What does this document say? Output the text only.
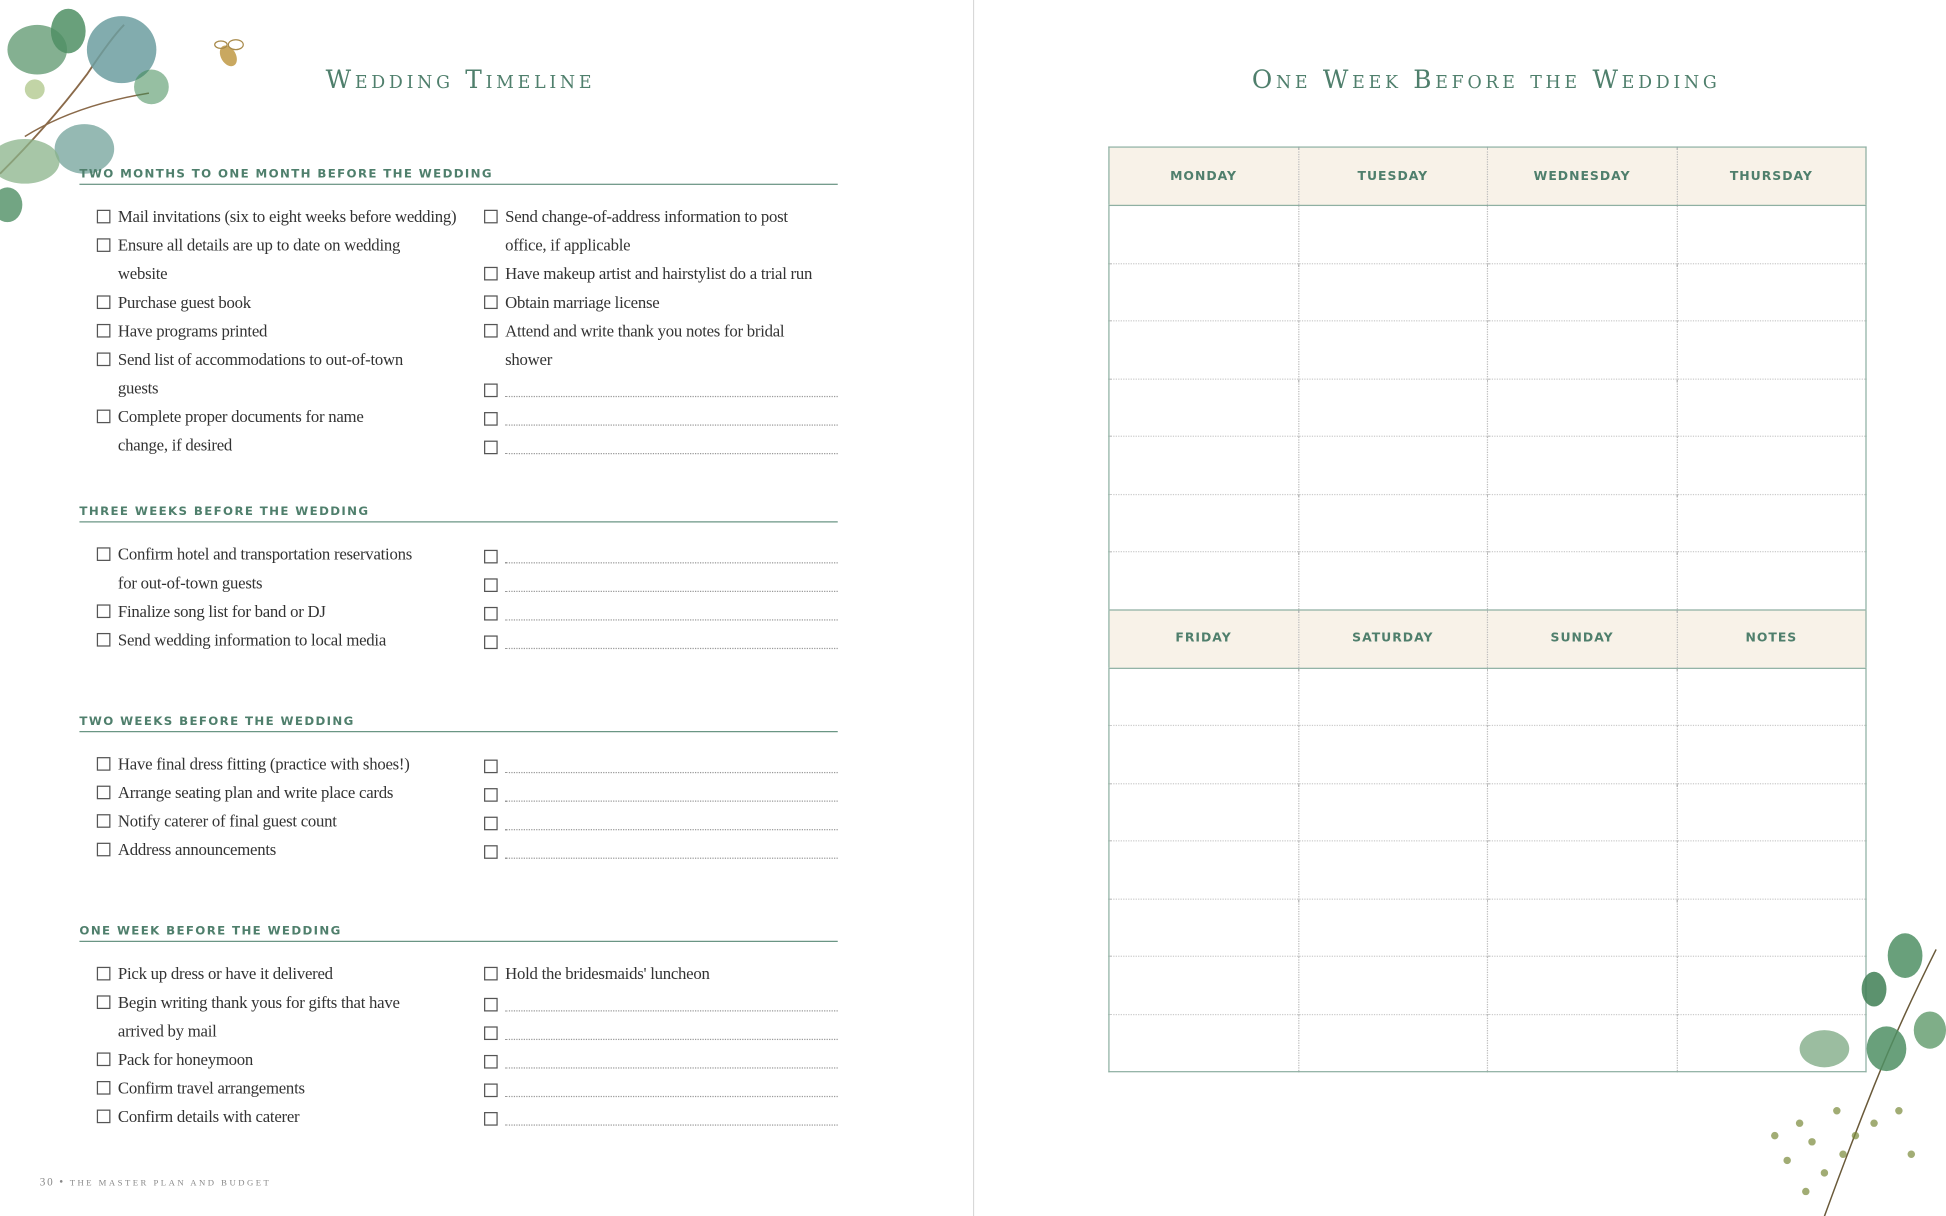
Wedding Timeline
TWO MONTHS TO ONE MONTH BEFORE THE WEDDING
Mail invitations (six to eight weeks before wedding)
Ensure all details are up to date on wedding
website
Purchase guest book
Have programs printed
Send list of accommodations to out-of-town
guests
Complete proper documents for name
change, if desired
Send change-of-address information to post
office, if applicable
Have makeup artist and hairstylist do a trial run
Obtain marriage license
Attend and write thank you notes for bridal
shower
THREE WEEKS BEFORE THE WEDDING
Confirm hotel and transportation reservations
for out-of-town guests
Finalize song list for band or DJ
Send wedding information to local media
TWO WEEKS BEFORE THE WEDDING
Have final dress fitting (practice with shoes!)
Arrange seating plan and write place cards
Notify caterer of final guest count
Address announcements
ONE WEEK BEFORE THE WEDDING
Pick up dress or have it delivered
Begin writing thank yous for gifts that have
arrived by mail
Pack for honeymoon
Confirm travel arrangements
Confirm details with caterer
Hold the bridesmaids' luncheon
30 • THE MASTER PLAN AND BUDGET
One Week Before the Wedding
MONDAY	TUESDAY	WEDNESDAY	THURSDAY

FRIDAY	SATURDAY	SUNDAY	NOTES
